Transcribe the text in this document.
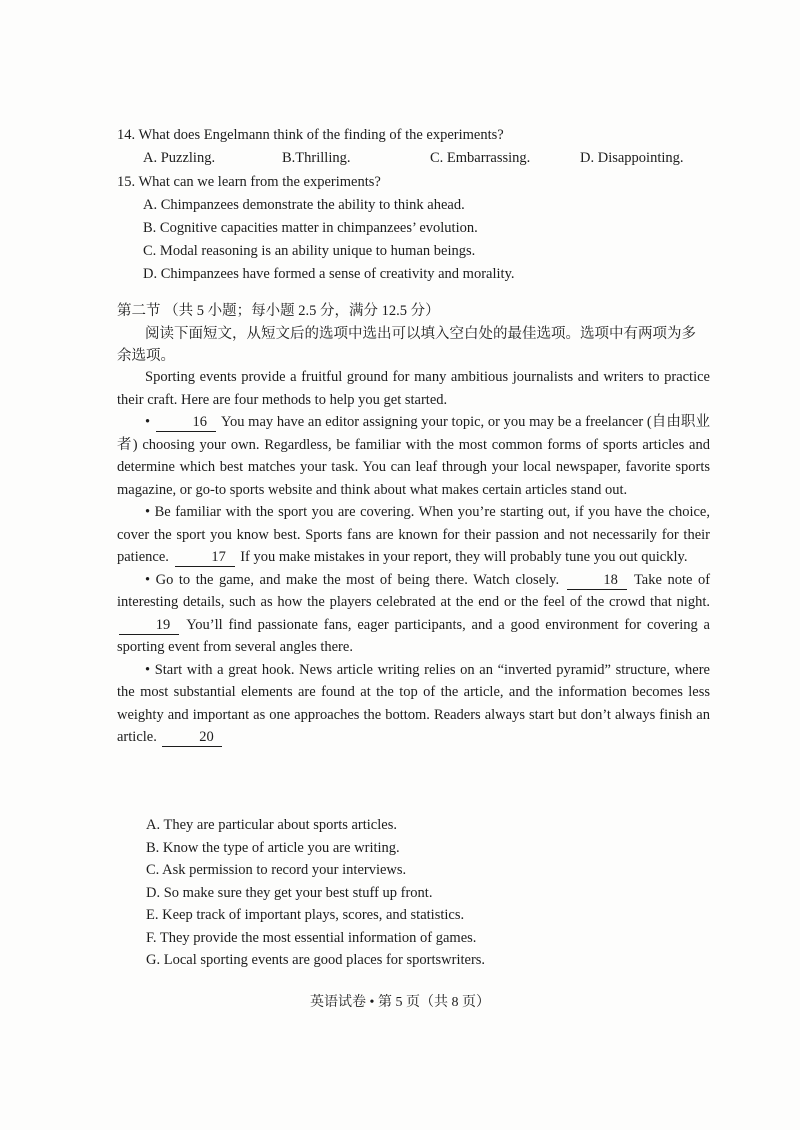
14. What does Engelmann think of the finding of the experiments?
A. Puzzling.	B.Thrilling.	C. Embarrassing.	D. Disappointing.
15. What can we learn from the experiments?
A. Chimpanzees demonstrate the ability to think ahead.
B. Cognitive capacities matter in chimpanzees’ evolution.
C. Modal reasoning is an ability unique to human beings.
D. Chimpanzees have formed a sense of creativity and morality.
第二节 （共 5 小题；每小题 2.5 分，满分 12.5 分）

阅读下面短文，从短文后的选项中选出可以填入空白处的最佳选项。选项中有两项为多余选项。

Sporting events provide a fruitful ground for many ambitious journalists and writers to practice their craft. Here are four methods to help you get started.

•	16 You may have an editor assigning your topic, or you may be a freelancer (自由职业者) choosing your own. Regardless, be familiar with the most common forms of sports articles and determine which best matches your task. You can leaf through your local newspaper, favorite sports magazine, or go-to sports website and think about what makes certain articles stand out.

• Be familiar with the sport you are covering. When you’re starting out, if you have the choice, cover the sport you know best. Sports fans are known for their passion and not necessarily for their patience.	17 If you make mistakes in your report, they will probably tune you out quickly.

• Go to the game, and make the most of being there. Watch closely.	18 Take note of interesting details, such as how the players celebrated at the end or the feel of the crowd that night. 19 You’ll find passionate fans, eager participants, and a good environment for covering a sporting event from several angles there.

• Start with a great hook. News article writing relies on an “inverted pyramid” structure, where the most substantial elements are found at the top of the article, and the information becomes less weighty and important as one approaches the bottom. Readers always start but don’t always finish an article.	20

A. They are particular about sports articles.
B. Know the type of article you are writing.
C. Ask permission to record your interviews.
D. So make sure they get your best stuff up front.
E. Keep track of important plays, scores, and statistics.
F. They provide the most essential information of games.
G. Local sporting events are good places for sportswriters.
英语试卷 • 第 5 页（共 8 页）
